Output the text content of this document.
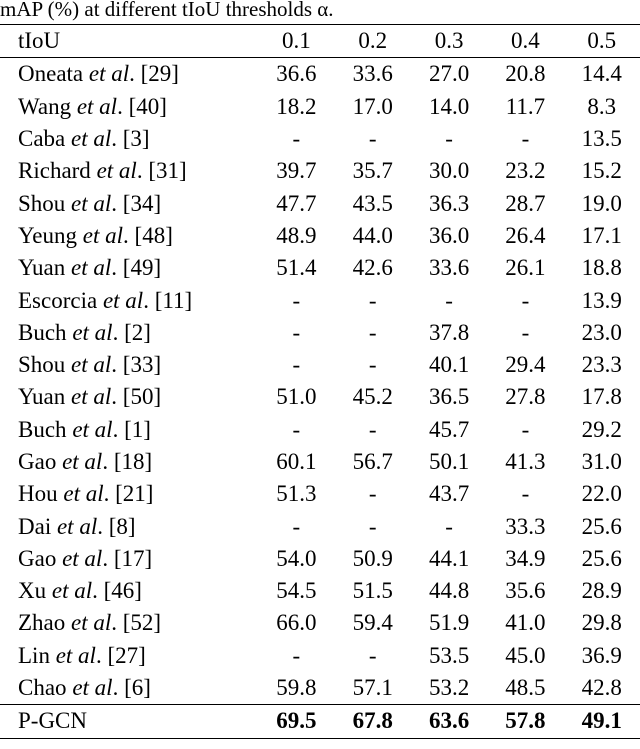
mAP (%) at different tIoU thresholds α.
tIoU	0.1	0.2	0.3	0.4	0.5
Oneata et al. [29]	36.6	33.6	27.0	20.8	14.4
Wang et al. [40]	18.2	17.0	14.0	11.7	8.3
Caba et al. [3]	-	-	-	-	13.5
Richard et al. [31]	39.7	35.7	30.0	23.2	15.2
Shou et al. [34]	47.7	43.5	36.3	28.7	19.0
Yeung et al. [48]	48.9	44.0	36.0	26.4	17.1
Yuan et al. [49]	51.4	42.6	33.6	26.1	18.8
Escorcia et al. [11]	-	-	-	-	13.9
Buch et al. [2]	-	-	37.8	-	23.0
Shou et al. [33]	-	-	40.1	29.4	23.3
Yuan et al. [50]	51.0	45.2	36.5	27.8	17.8
Buch et al. [1]	-	-	45.7	-	29.2
Gao et al. [18]	60.1	56.7	50.1	41.3	31.0
Hou et al. [21]	51.3	-	43.7	-	22.0
Dai et al. [8]	-	-	-	33.3	25.6
Gao et al. [17]	54.0	50.9	44.1	34.9	25.6
Xu et al. [46]	54.5	51.5	44.8	35.6	28.9
Zhao et al. [52]	66.0	59.4	51.9	41.0	29.8
Lin et al. [27]	-	-	53.5	45.0	36.9
Chao et al. [6]	59.8	57.1	53.2	48.5	42.8
P-GCN	69.5	67.8	63.6	57.8	49.1
